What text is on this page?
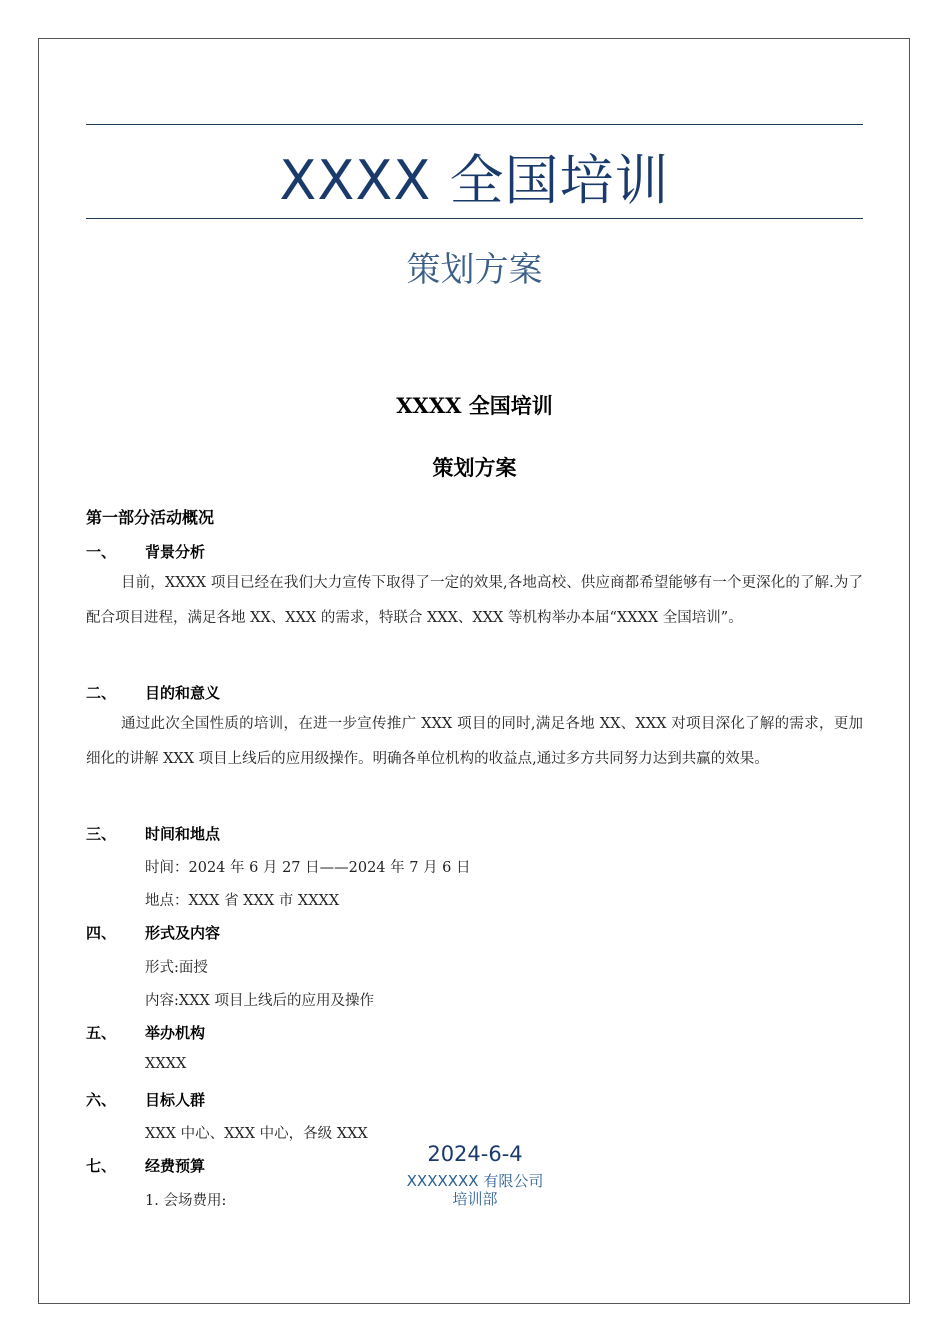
XXXX 全国培训
策划方案
XXXX 全国培训
策划方案
第一部分活动概况
一、 背景分析
目前，XXXX 项目已经在我们大力宣传下取得了一定的效果,各地高校、供应商都希望能够有一个更深化的了解.为了配合项目进程，满足各地 XX、XXX 的需求，特联合 XXX、XXX 等机构举办本届“XXXX 全国培训”。
二、 目的和意义
通过此次全国性质的培训，在进一步宣传推广 XXX 项目的同时,满足各地 XX、XXX 对项目深化了解的需求，更加细化的讲解 XXX 项目上线后的应用级操作。明确各单位机构的收益点,通过多方共同努力达到共赢的效果。
三、 时间和地点
时间：2024 年 6 月 27 日——2024 年 7 月 6 日
地点：XXX 省 XXX 市 XXXX
四、 形式及内容
形式:面授
内容:XXX 项目上线后的应用及操作
五、 举办机构
XXXX
六、 目标人群
XXX 中心、XXX 中心，各级 XXX
七、 经费预算
1. 会场费用:
2024-6-4
XXXXXXX 有限公司
培训部
